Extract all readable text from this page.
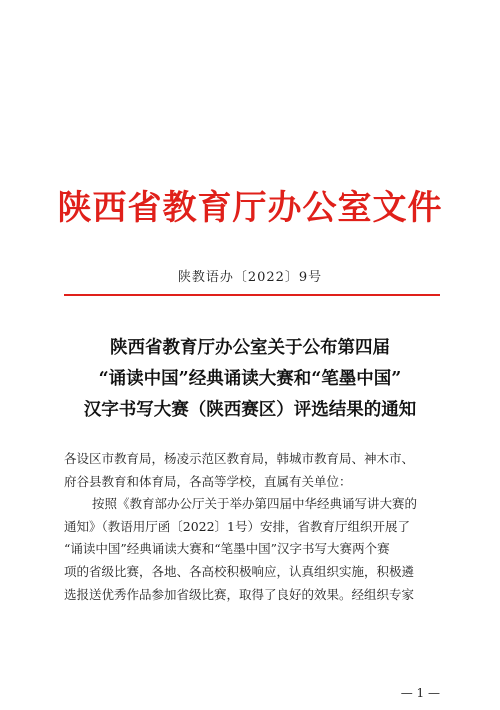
陕西省教育厅办公室文件
陕教语办〔2022〕9号
陕西省教育厅办公室关于公布第四届
“诵读中国”经典诵读大赛和“笔墨中国”
汉字书写大赛（陕西赛区）评选结果的通知
各设区市教育局，杨凌示范区教育局，韩城市教育局、神木市、
府谷县教育和体育局，各高等学校，直属有关单位：
按照《教育部办公厅关于举办第四届中华经典诵写讲大赛的
通知》（教语用厅函〔2022〕1号）安排，省教育厅组织开展了
“诵读中国”经典诵读大赛和“笔墨中国”汉字书写大赛两个赛
项的省级比赛，各地、各高校积极响应，认真组织实施，积极遴
选报送优秀作品参加省级比赛，取得了良好的效果。经组织专家
— 1 —
